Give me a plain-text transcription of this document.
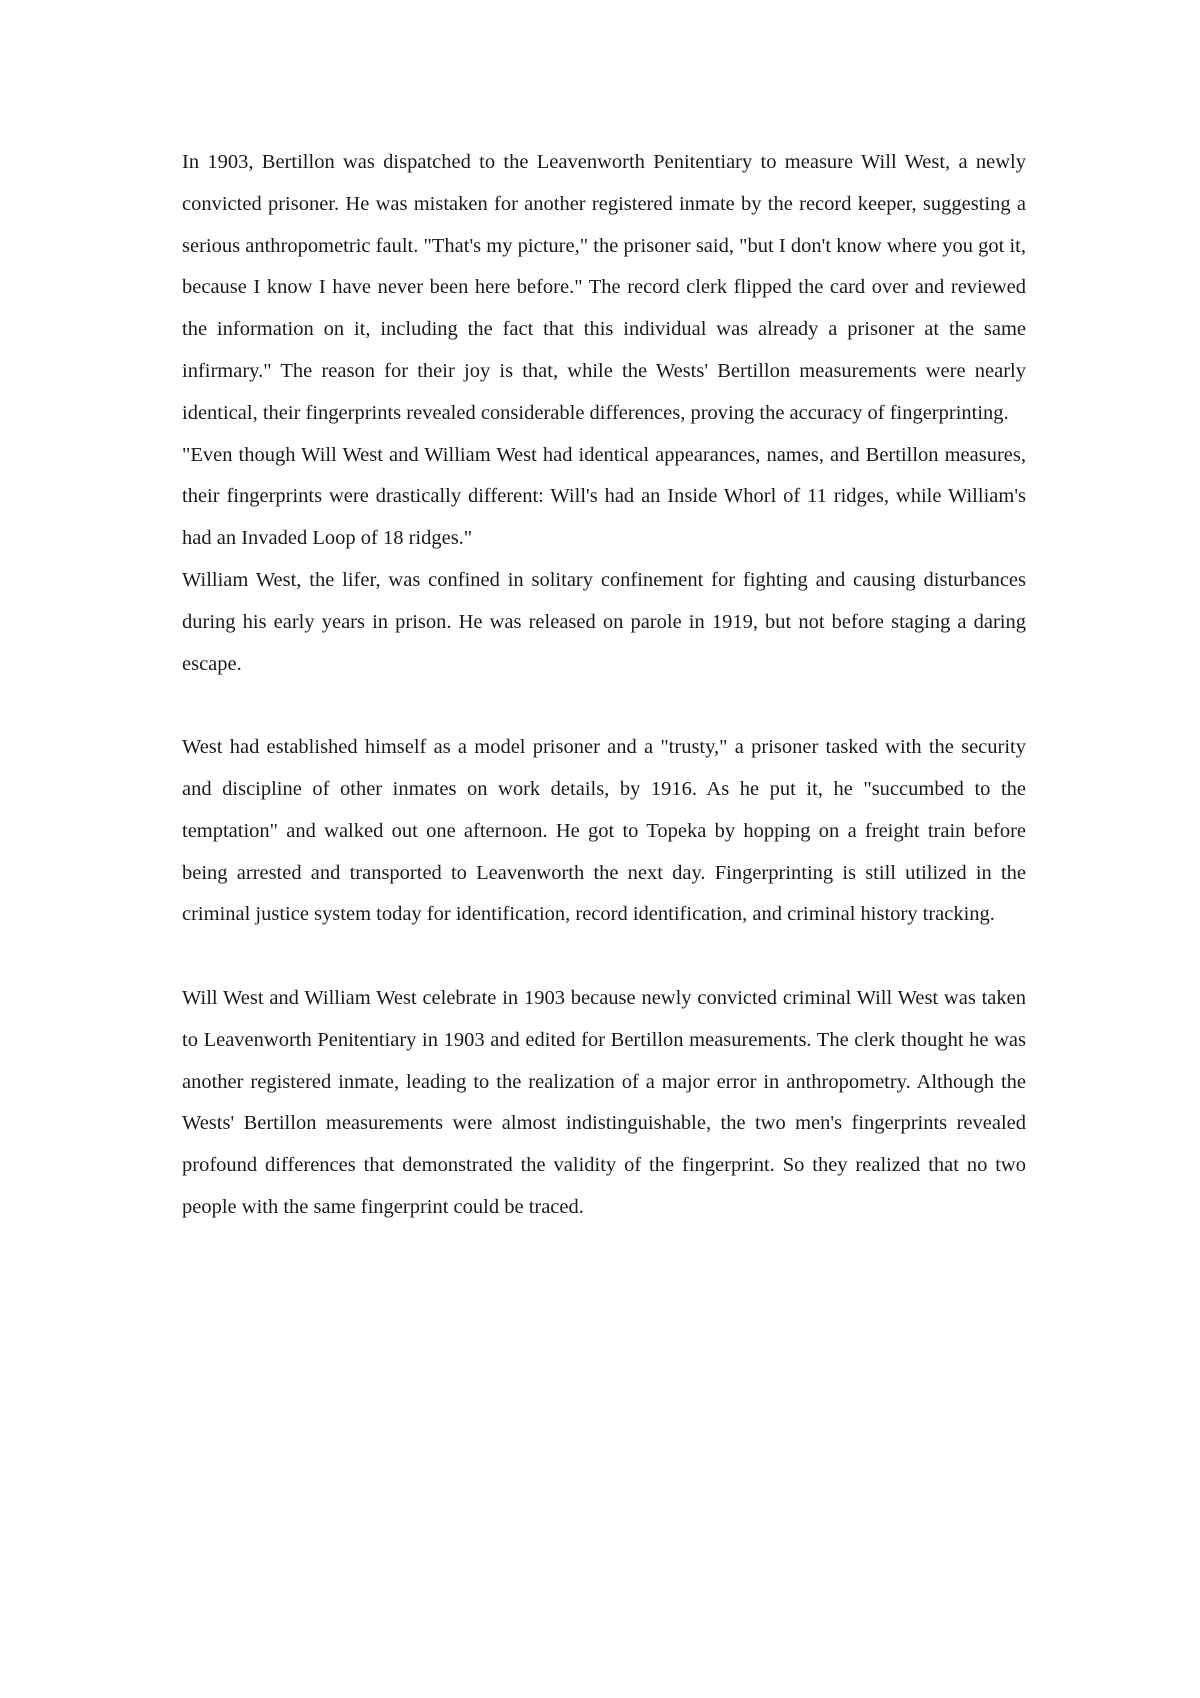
In 1903, Bertillon was dispatched to the Leavenworth Penitentiary to measure Will West, a newly convicted prisoner. He was mistaken for another registered inmate by the record keeper, suggesting a serious anthropometric fault. "That's my picture," the prisoner said, "but I don't know where you got it, because I know I have never been here before." The record clerk flipped the card over and reviewed the information on it, including the fact that this individual was already a prisoner at the same infirmary." The reason for their joy is that, while the Wests' Bertillon measurements were nearly identical, their fingerprints revealed considerable differences, proving the accuracy of fingerprinting.

"Even though Will West and William West had identical appearances, names, and Bertillon measures, their fingerprints were drastically different: Will's had an Inside Whorl of 11 ridges, while William's had an Invaded Loop of 18 ridges."

William West, the lifer, was confined in solitary confinement for fighting and causing disturbances during his early years in prison. He was released on parole in 1919, but not before staging a daring escape.

West had established himself as a model prisoner and a "trusty," a prisoner tasked with the security and discipline of other inmates on work details, by 1916. As he put it, he "succumbed to the temptation" and walked out one afternoon. He got to Topeka by hopping on a freight train before being arrested and transported to Leavenworth the next day. Fingerprinting is still utilized in the criminal justice system today for identification, record identification, and criminal history tracking.

Will West and William West celebrate in 1903 because newly convicted criminal Will West was taken to Leavenworth Penitentiary in 1903 and edited for Bertillon measurements. The clerk thought he was another registered inmate, leading to the realization of a major error in anthropometry. Although the Wests' Bertillon measurements were almost indistinguishable, the two men's fingerprints revealed profound differences that demonstrated the validity of the fingerprint. So they realized that no two people with the same fingerprint could be traced.
